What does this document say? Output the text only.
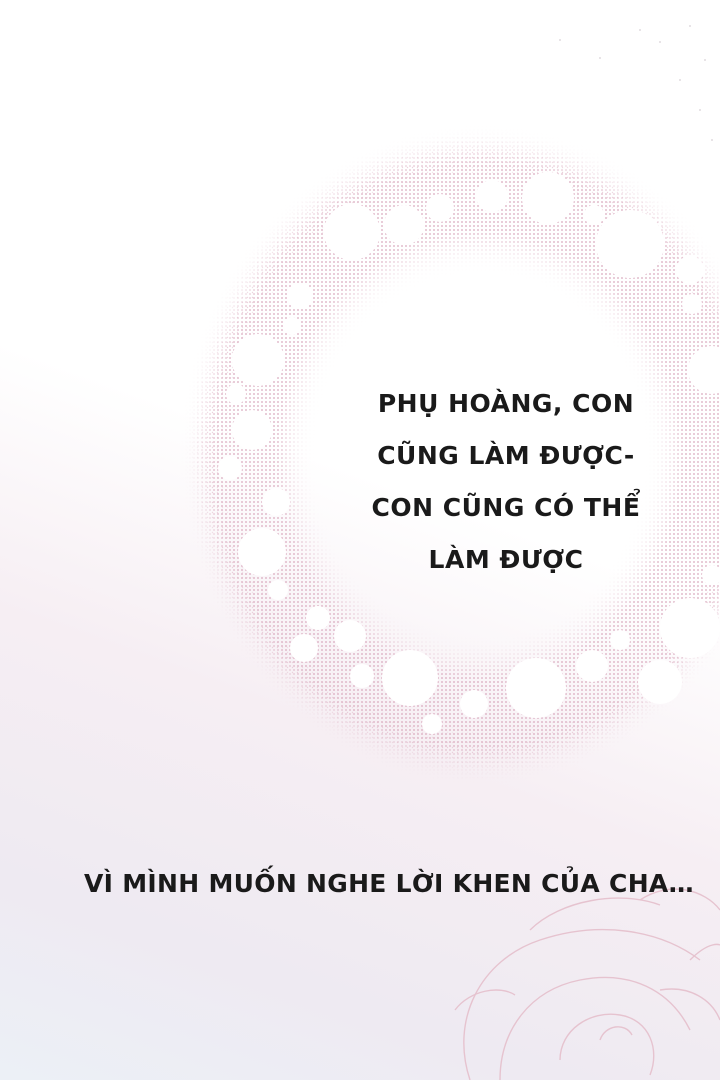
PHỤ HOÀNG, CON
CŨNG LÀM ĐƯỢC-
CON CŨNG CÓ THỂ
LÀM ĐƯỢC
VÌ MÌNH MUỐN NGHE LỜI KHEN CỦA CHA…
